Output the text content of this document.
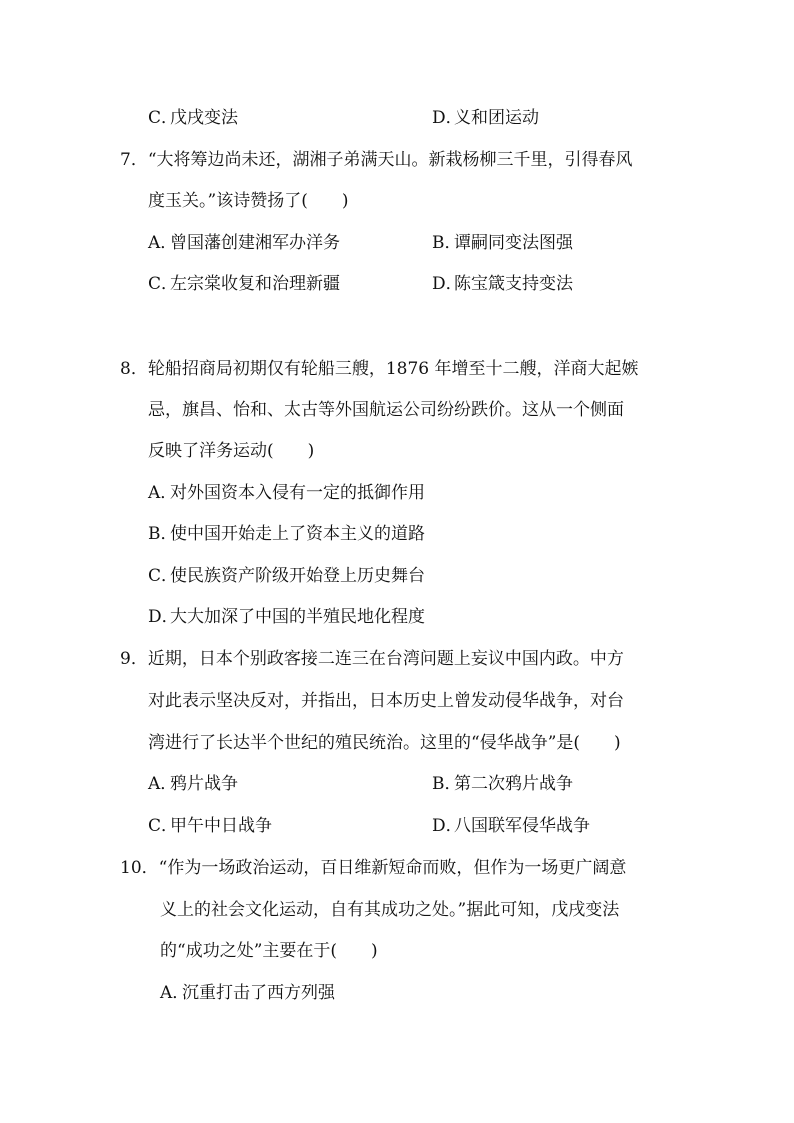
C．戊戌变法	D．义和团运动
7．“大将筹边尚未还，湖湘子弟满天山。新栽杨柳三千里，引得春风
度玉关。”该诗赞扬了( )
A．曾国藩创建湘军办洋务	B．谭嗣同变法图强
C．左宗棠收复和治理新疆	D．陈宝箴支持变法
8．轮船招商局初期仅有轮船三艘，1876 年增至十二艘，洋商大起嫉
忌，旗昌、怡和、太古等外国航运公司纷纷跌价。这从一个侧面
反映了洋务运动( )
A．对外国资本入侵有一定的抵御作用
B．使中国开始走上了资本主义的道路
C．使民族资产阶级开始登上历史舞台
D．大大加深了中国的半殖民地化程度
9．近期，日本个别政客接二连三在台湾问题上妄议中国内政。中方
对此表示坚决反对，并指出，日本历史上曾发动侵华战争，对台
湾进行了长达半个世纪的殖民统治。这里的“侵华战争”是( )
A．鸦片战争	B．第二次鸦片战争
C．甲午中日战争	D．八国联军侵华战争
10．“作为一场政治运动，百日维新短命而败，但作为一场更广阔意
义上的社会文化运动，自有其成功之处。”据此可知，戊戌变法
的“成功之处”主要在于( )
A．沉重打击了西方列强
